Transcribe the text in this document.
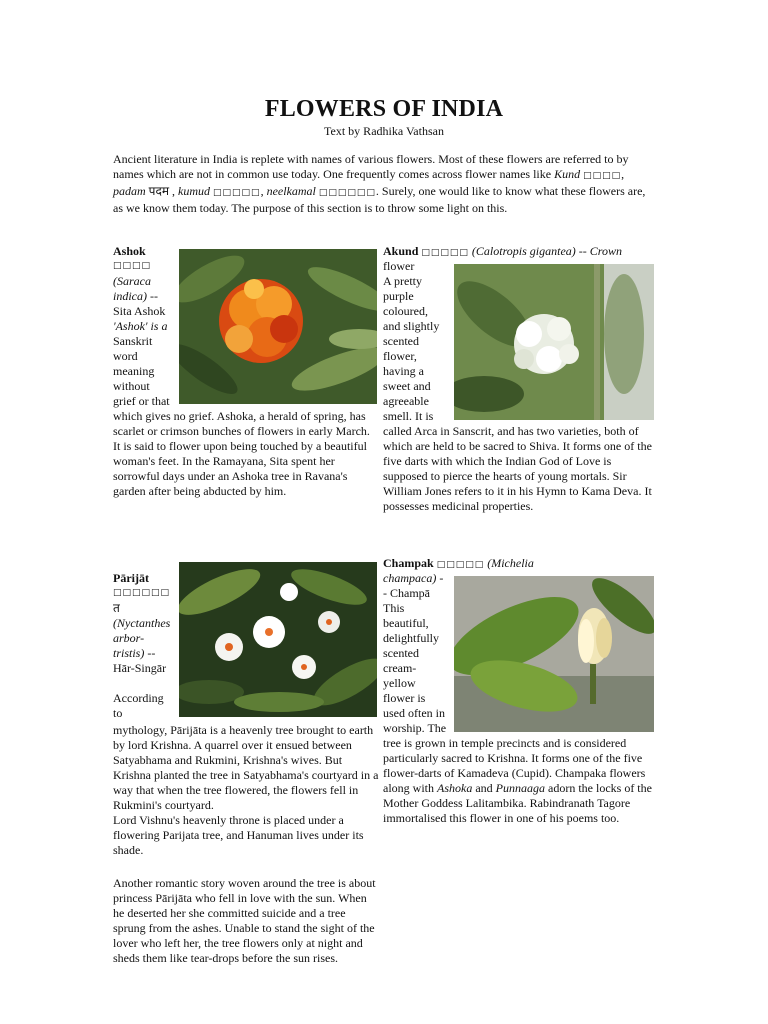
FLOWERS OF INDIA
Text by Radhika Vathsan
Ancient literature in India is replete with names of various flowers. Most of these flowers are referred to by names which are not in common use today. One frequently comes across flower names like Kund □□□□, padam पदम , kumud □□□□□, neelkamal □□□□□□. Surely, one would like to know what these flowers are, as we know them today. The purpose of this section is to throw some light on this.
Ashok
□□□□
(Saraca
indica) --
Sita Ashok
'Ashok' is a
Sanskrit
word
meaning
without
grief or that
which gives no grief. Ashoka, a herald of spring, has scarlet or crimson bunches of flowers in early March. It is said to flower upon being touched by a beautiful woman's feet. In the Ramayana, Sita spent her sorrowful days under an Ashoka tree in Ravana's garden after being abducted by him.
Akund □□□□□ (Calotropis gigantea) -- Crown
flower
A pretty
purple
coloured,
and slightly
scented
flower,
having a
sweet and
agreeable
smell. It is
called Arca in Sanscrit, and has two varieties, both of which are held to be sacred to Shiva. It forms one of the five darts with which the Indian God of Love is supposed to pierce the hearts of young mortals. Sir William Jones refers to it in his Hymn to Kama Deva. It possesses medicinal properties.
Pārijāt
□□□□□□
त
(Nyctanthes
arbor-
tristis) --
Hār-Singār

According
to
mythology, Pārijāta is a heavenly tree brought to earth by lord Krishna. A quarrel over it ensued between Satyabhama and Rukmini, Krishna's wives. But Krishna planted the tree in Satyabhama's courtyard in a way that when the tree flowered, the flowers fell in Rukmini's courtyard.
Lord Vishnu's heavenly throne is placed under a flowering Parijata tree, and Hanuman lives under its shade.
Another romantic story woven around the tree is about princess Pārijāta who fell in love with the sun. When he deserted her she committed suicide and a tree sprung from the ashes. Unable to stand the sight of the lover who left her, the tree flowers only at night and sheds them like tear-drops before the sun rises.
Champak □□□□□ (Michelia
champaca) -
- Champā
This
beautiful,
delightfully
scented
cream-
yellow
flower is
used often in
worship. The
tree is grown in temple precincts and is considered particularly sacred to Krishna. It forms one of the five flower-darts of Kamadeva (Cupid). Champaka flowers along with Ashoka and Punnaaga adorn the locks of the Mother Goddess Lalitambika. Rabindranath Tagore immortalised this flower in one of his poems too.
